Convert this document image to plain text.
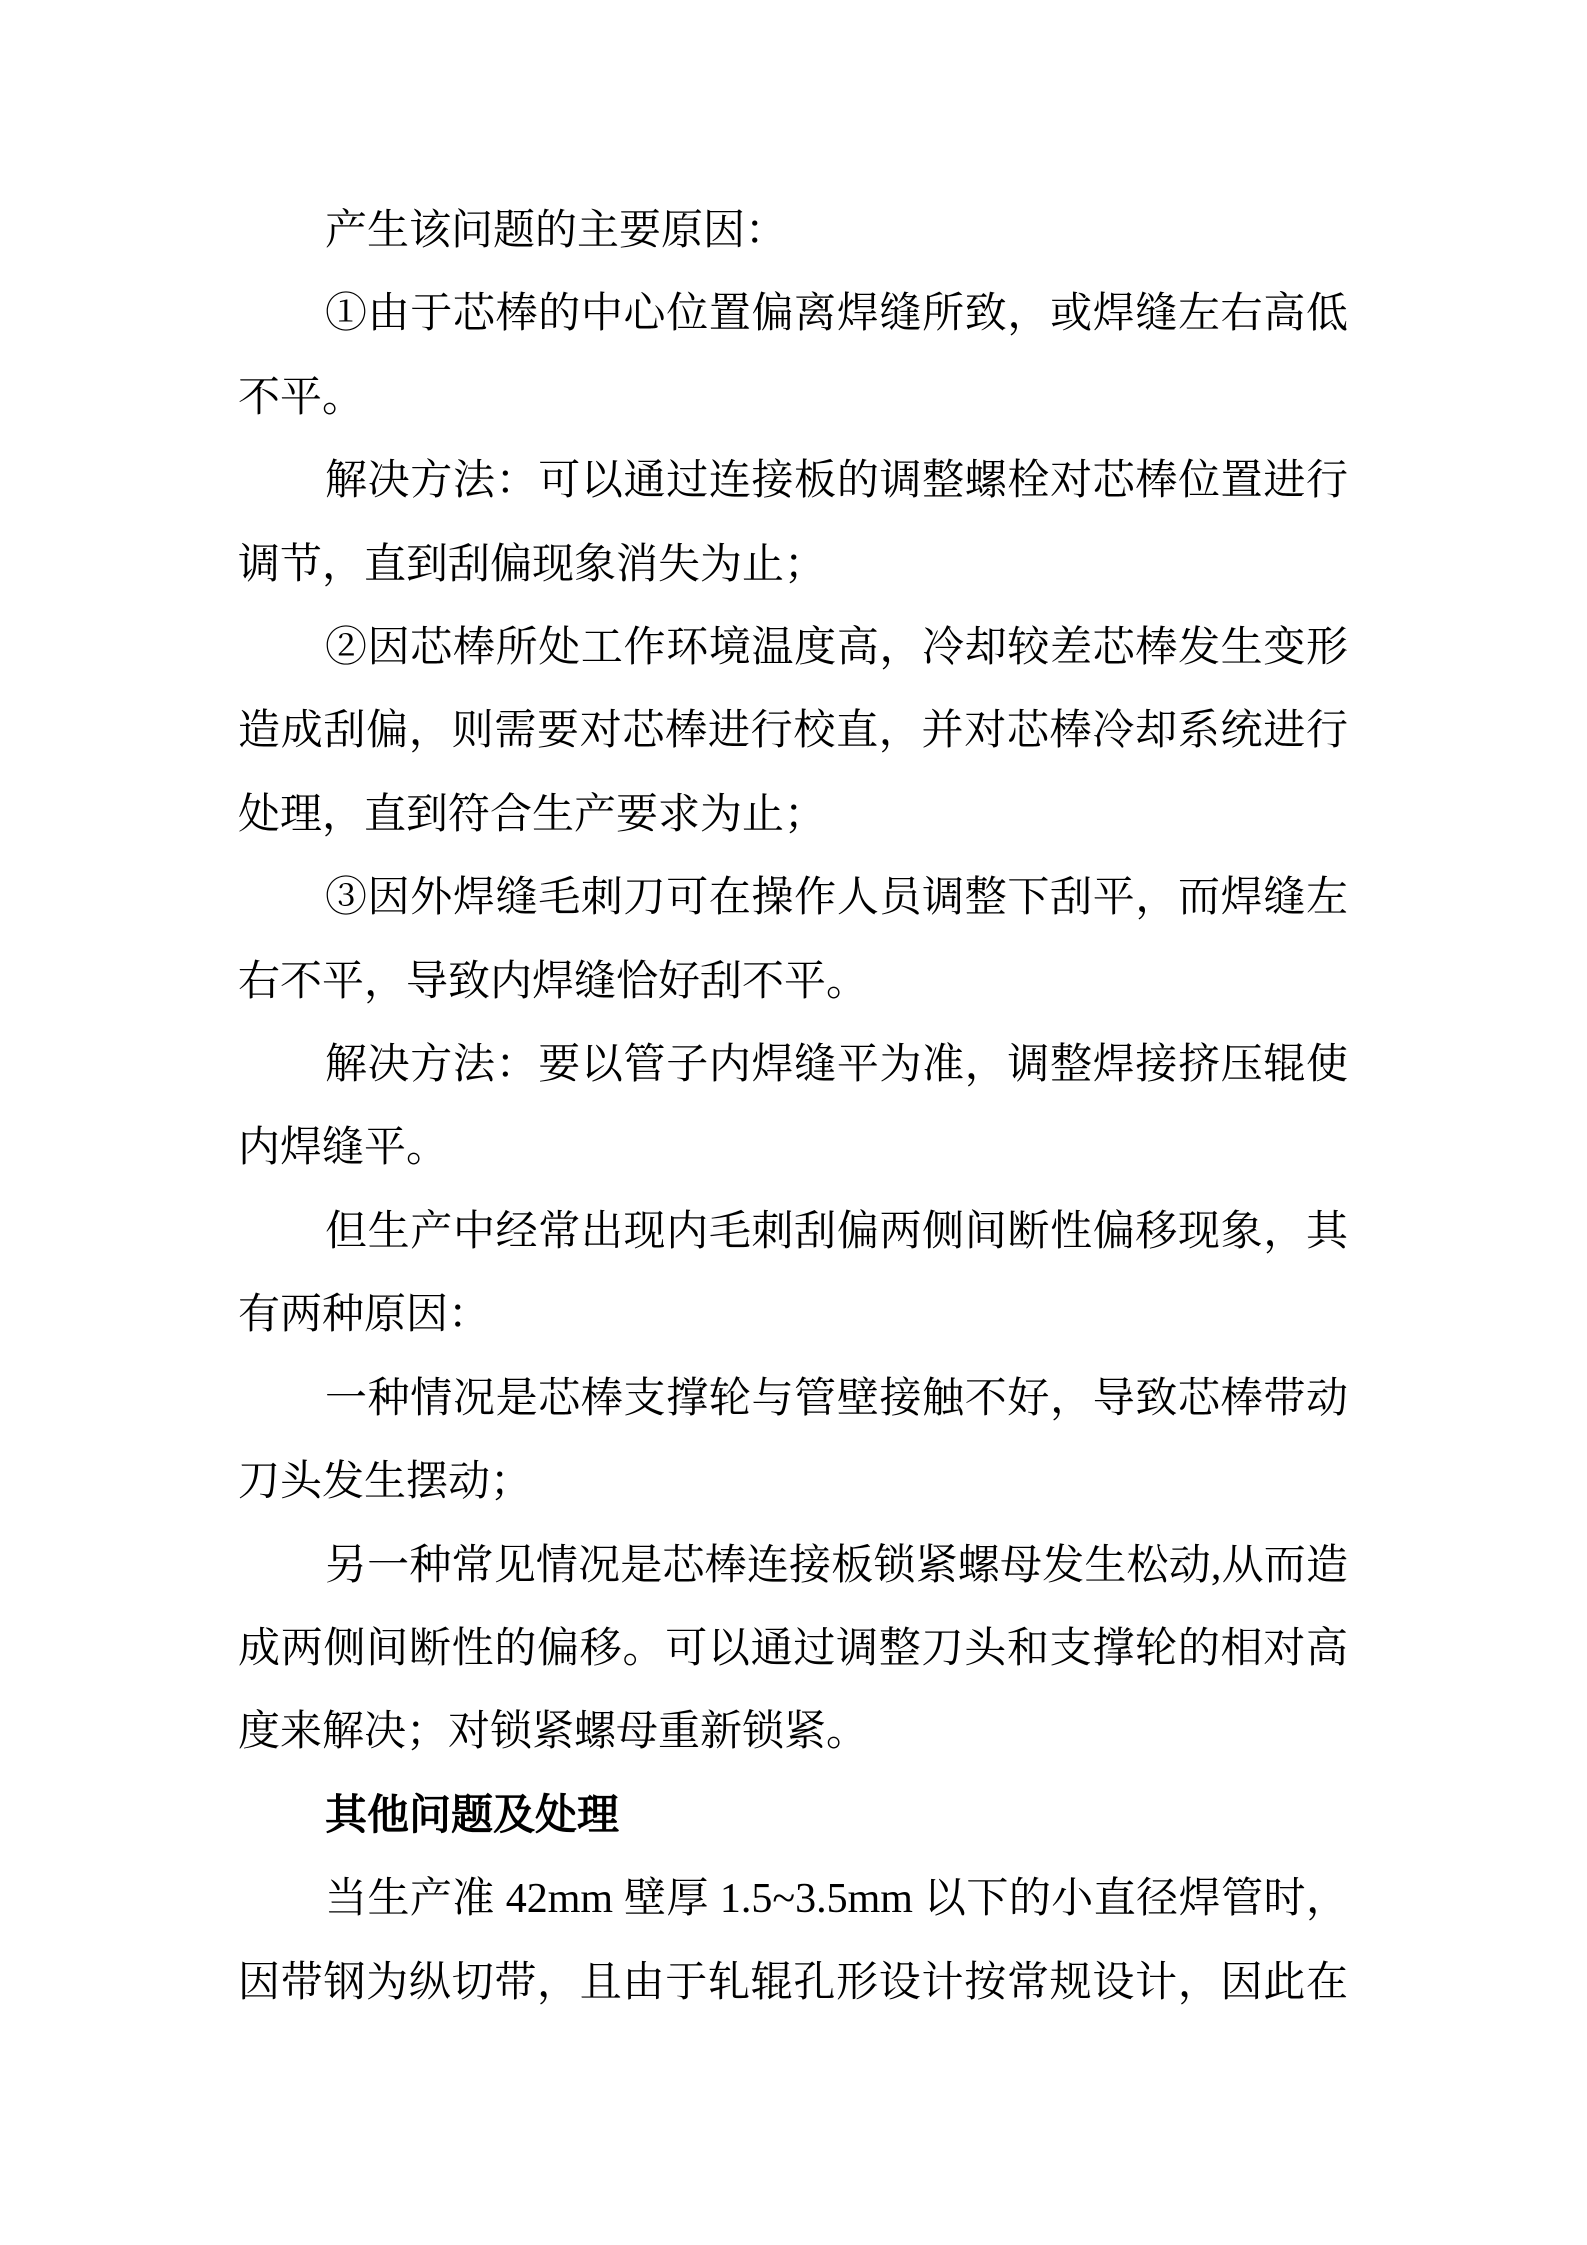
产生该问题的主要原因：

①由于芯棒的中心位置偏离焊缝所致，或焊缝左右高低不平。

解决方法：可以通过连接板的调整螺栓对芯棒位置进行调节，直到刮偏现象消失为止；

②因芯棒所处工作环境温度高，冷却较差芯棒发生变形造成刮偏，则需要对芯棒进行校直，并对芯棒冷却系统进行处理，直到符合生产要求为止；

③因外焊缝毛刺刀可在操作人员调整下刮平，而焊缝左右不平，导致内焊缝恰好刮不平。

解决方法：要以管子内焊缝平为准，调整焊接挤压辊使内焊缝平。

但生产中经常出现内毛刺刮偏两侧间断性偏移现象，其有两种原因：

一种情况是芯棒支撑轮与管壁接触不好，导致芯棒带动刀头发生摆动；

另一种常见情况是芯棒连接板锁紧螺母发生松动,从而造成两侧间断性的偏移。可以通过调整刀头和支撑轮的相对高度来解决；对锁紧螺母重新锁紧。

其他问题及处理

当生产准 42mm 壁厚 1.5~3.5mm 以下的小直径焊管时，因带钢为纵切带，且由于轧辊孔形设计按常规设计，因此在
